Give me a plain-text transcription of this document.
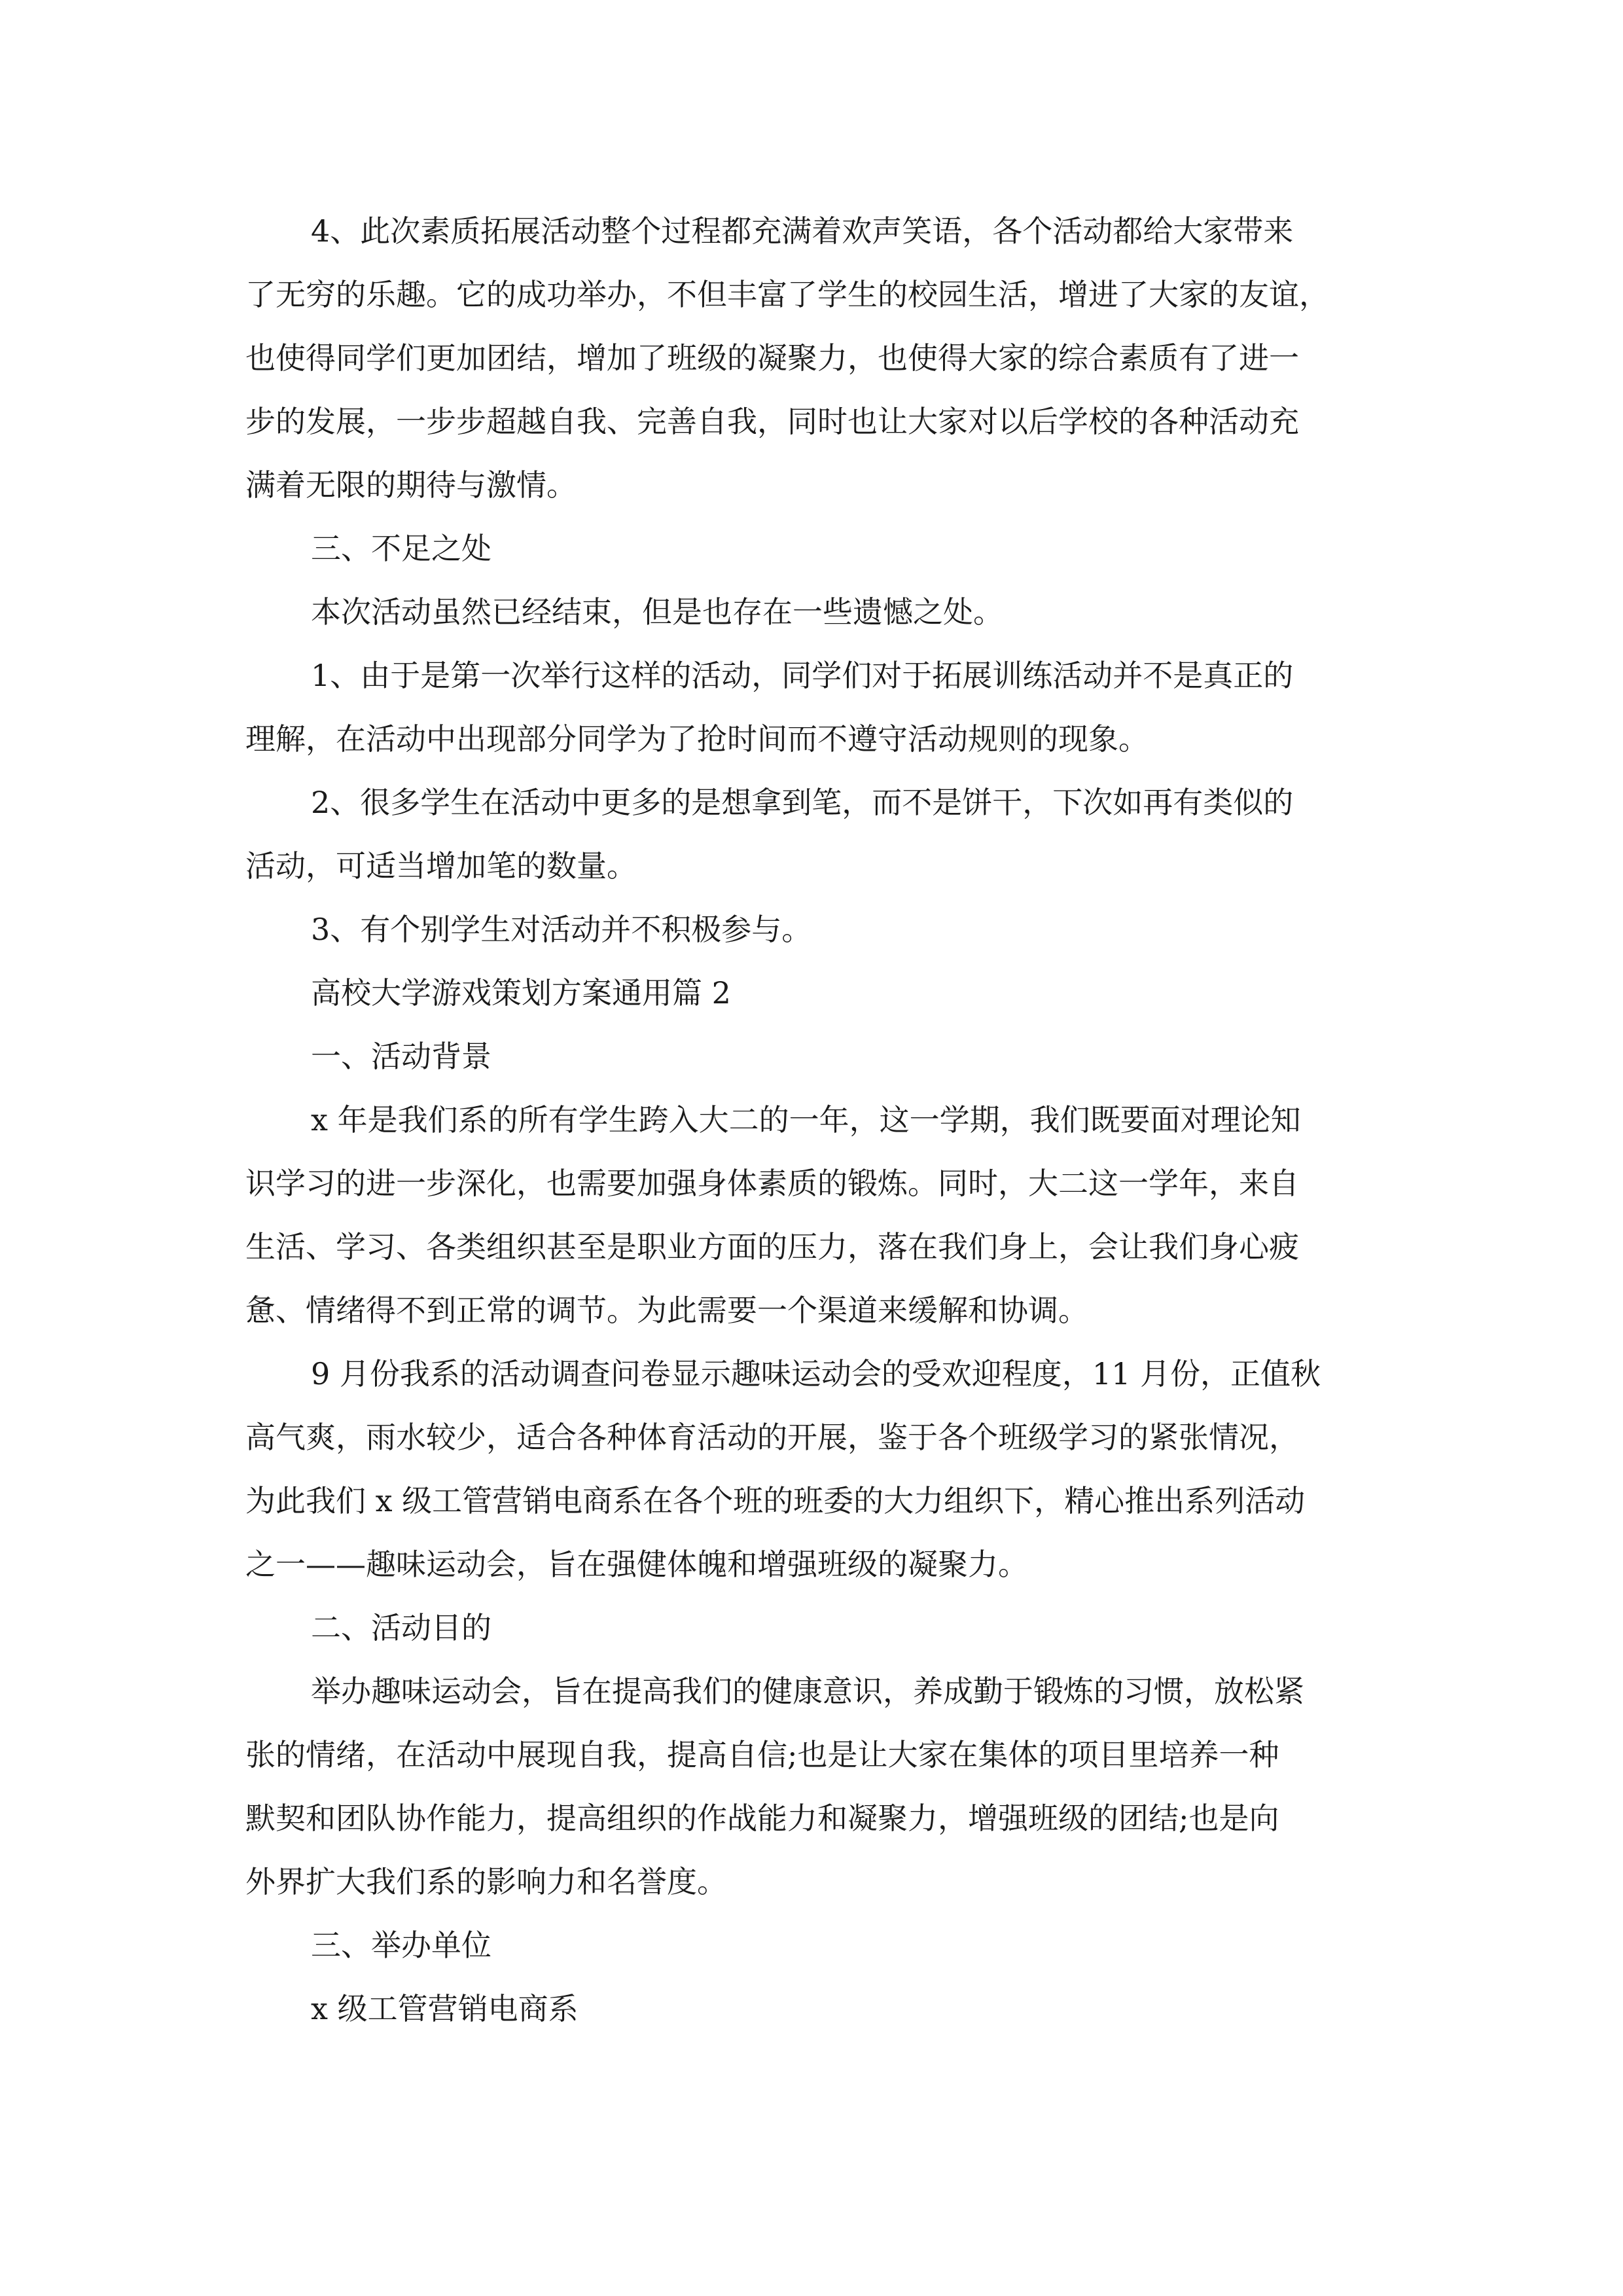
4、此次素质拓展活动整个过程都充满着欢声笑语，各个活动都给大家带来
了无穷的乐趣。它的成功举办，不但丰富了学生的校园生活，增进了大家的友谊，
也使得同学们更加团结，增加了班级的凝聚力，也使得大家的综合素质有了进一
步的发展，一步步超越自我、完善自我，同时也让大家对以后学校的各种活动充
满着无限的期待与激情。
三、不足之处
本次活动虽然已经结束，但是也存在一些遗憾之处。
1、由于是第一次举行这样的活动，同学们对于拓展训练活动并不是真正的
理解，在活动中出现部分同学为了抢时间而不遵守活动规则的现象。
2、很多学生在活动中更多的是想拿到笔，而不是饼干，下次如再有类似的
活动，可适当增加笔的数量。
3、有个别学生对活动并不积极参与。
高校大学游戏策划方案通用篇 2
一、活动背景
x 年是我们系的所有学生跨入大二的一年，这一学期，我们既要面对理论知
识学习的进一步深化，也需要加强身体素质的锻炼。同时，大二这一学年，来自
生活、学习、各类组织甚至是职业方面的压力，落在我们身上，会让我们身心疲
惫、情绪得不到正常的调节。为此需要一个渠道来缓解和协调。
9 月份我系的活动调查问卷显示趣味运动会的受欢迎程度，11 月份，正值秋
高气爽，雨水较少，适合各种体育活动的开展，鉴于各个班级学习的紧张情况，
为此我们 x 级工管营销电商系在各个班的班委的大力组织下，精心推出系列活动
之一——趣味运动会，旨在强健体魄和增强班级的凝聚力。
二、活动目的
举办趣味运动会，旨在提高我们的健康意识，养成勤于锻炼的习惯，放松紧
张的情绪，在活动中展现自我，提高自信;也是让大家在集体的项目里培养一种
默契和团队协作能力，提高组织的作战能力和凝聚力，增强班级的团结;也是向
外界扩大我们系的影响力和名誉度。
三、举办单位
x 级工管营销电商系
